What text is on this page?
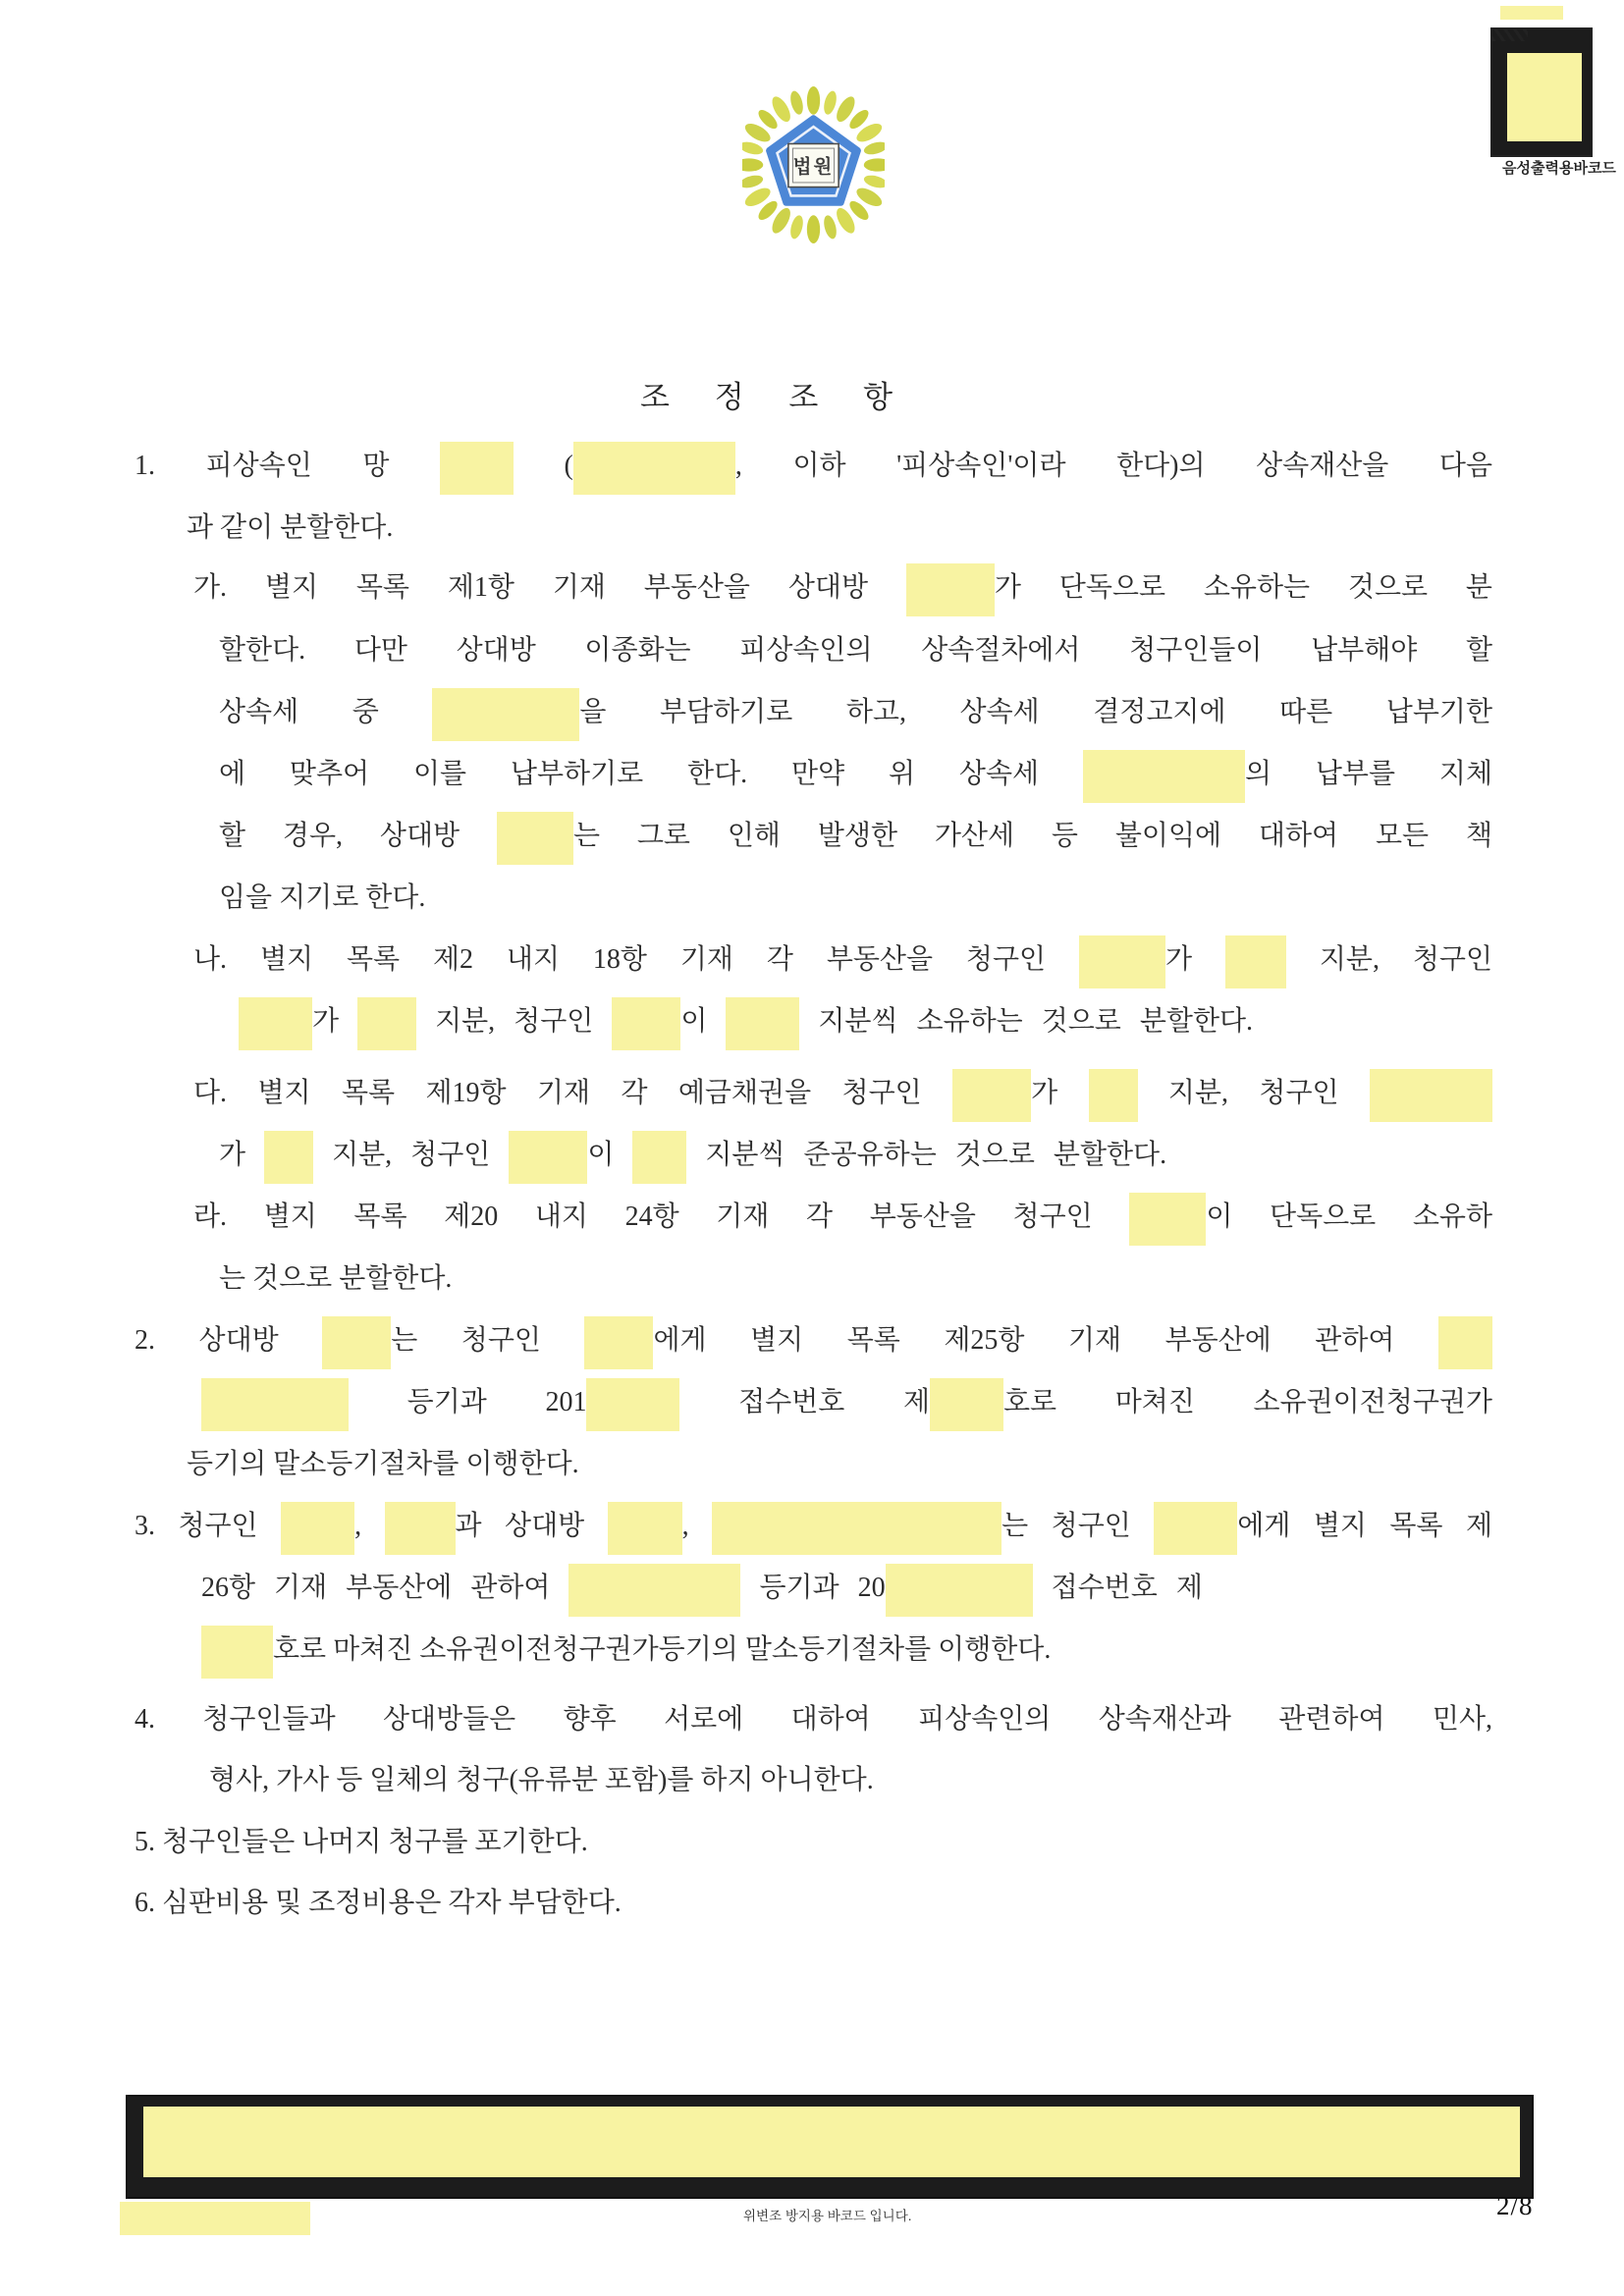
법원	음성출력용바코드
조 정 조 항
1. 피상속인 망	(	, 이하 '피상속인'이라 한다)의 상속재산을 다음
과 같이 분할한다.
가. 별지 목록 제1항 기재 부동산을 상대방	가 단독으로 소유하는 것으로 분
할한다. 다만 상대방 이종화는 피상속인의 상속절차에서 청구인들이 납부해야 할
상속세 중	을 부담하기로 하고, 상속세 결정고지에 따른 납부기한
에 맞추어 이를 납부하기로 한다. 만약 위 상속세	의 납부를 지체
할 경우, 상대방	는 그로 인해 발생한 가산세 등 불이익에 대하여 모든 책
임을 지기로 한다.
나. 별지 목록 제2 내지 18항 기재 각 부동산을 청구인	가  지분, 청구인
가  지분, 청구인	이	지분씩 소유하는 것으로 분할한다.
다. 별지 목록 제19항 기재 각 예금채권을 청구인	가  지분, 청구인
가  지분, 청구인	이  지분씩 준공유하는 것으로 분할한다.
라. 별지 목록 제20 내지 24항 기재 각 부동산을 청구인	이 단독으로 소유하
는 것으로 분할한다.
2. 상대방	는 청구인	에게 별지 목록 제25항 기재 부동산에 관하여
등기과 201	접수번호 제	호로 마쳐진 소유권이전청구권가
등기의 말소등기절차를 이행한다.
3. 청구인	,	과 상대방	,	는 청구인	에게 별지 목록 제
26항 기재 부동산에 관하여	등기과 20	접수번호 제
호로 마쳐진 소유권이전청구권가등기의 말소등기절차를 이행한다.
4. 청구인들과 상대방들은 향후 서로에 대하여 피상속인의 상속재산과 관련하여 민사,
형사, 가사 등 일체의 청구(유류분 포함)를 하지 아니한다.
5. 청구인들은 나머지 청구를 포기한다.
6. 심판비용 및 조정비용은 각자 부담한다.
위변조 방지용 바코드 입니다.	2/8
